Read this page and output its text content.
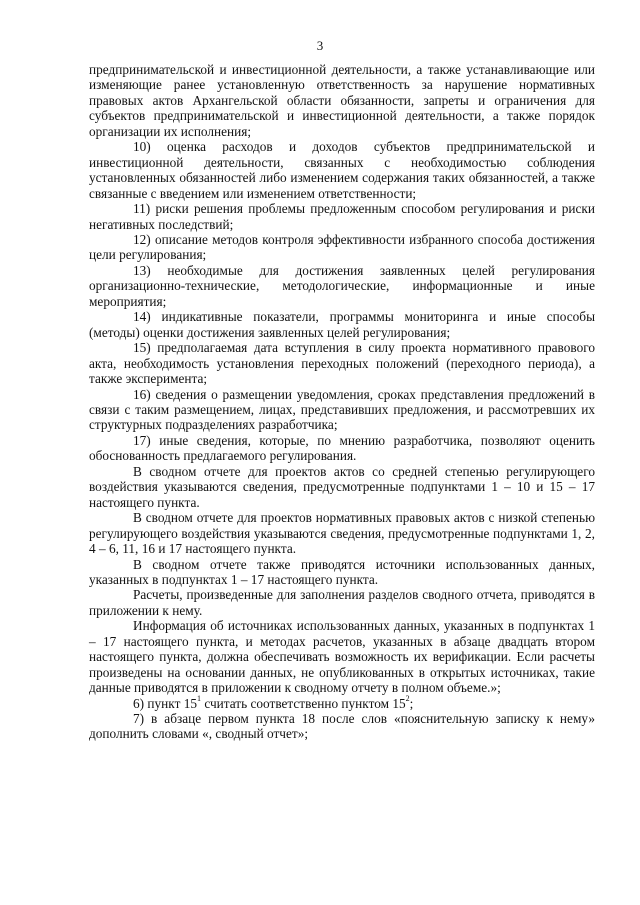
3

предпринимательской и инвестиционной деятельности, а также устанавливающие или изменяющие ранее установленную ответственность за нарушение нормативных правовых актов Архангельской области обязанности, запреты и ограничения для субъектов предпринимательской и инвестиционной деятельности, а также порядок организации их исполнения;

10) оценка расходов и доходов субъектов предпринимательской и инвестиционной деятельности, связанных с необходимостью соблюдения установленных обязанностей либо изменением содержания таких обязанностей, а также связанные с введением или изменением ответственности;

11) риски решения проблемы предложенным способом регулирования и риски негативных последствий;

12) описание методов контроля эффективности избранного способа достижения цели регулирования;

13) необходимые для достижения заявленных целей регулирования организационно-технические, методологические, информационные и иные мероприятия;

14) индикативные показатели, программы мониторинга и иные способы (методы) оценки достижения заявленных целей регулирования;

15) предполагаемая дата вступления в силу проекта нормативного правового акта, необходимость установления переходных положений (переходного периода), а также эксперимента;

16) сведения о размещении уведомления, сроках представления предложений в связи с таким размещением, лицах, представивших предложения, и рассмотревших их структурных подразделениях разработчика;

17) иные сведения, которые, по мнению разработчика, позволяют оценить обоснованность предлагаемого регулирования.

В сводном отчете для проектов актов со средней степенью регулирующего воздействия указываются сведения, предусмотренные подпунктами 1 – 10 и 15 – 17 настоящего пункта.

В сводном отчете для проектов нормативных правовых актов с низкой степенью регулирующего воздействия указываются сведения, предусмотренные подпунктами 1, 2, 4 – 6, 11, 16 и 17 настоящего пункта.

В сводном отчете также приводятся источники использованных данных, указанных в подпунктах 1 – 17 настоящего пункта.

Расчеты, произведенные для заполнения разделов сводного отчета, приводятся в приложении к нему.

Информация об источниках использованных данных, указанных в подпунктах 1 – 17 настоящего пункта, и методах расчетов, указанных в абзаце двадцать втором настоящего пункта, должна обеспечивать возможность их верификации. Если расчеты произведены на основании данных, не опубликованных в открытых источниках, такие данные приводятся в приложении к сводному отчету в полном объеме.»;

6) пункт $15^1$ считать соответственно пунктом $15^2$;

7) в абзаце первом пункта 18 после слов «пояснительную записку к нему» дополнить словами «, сводный отчет»;
